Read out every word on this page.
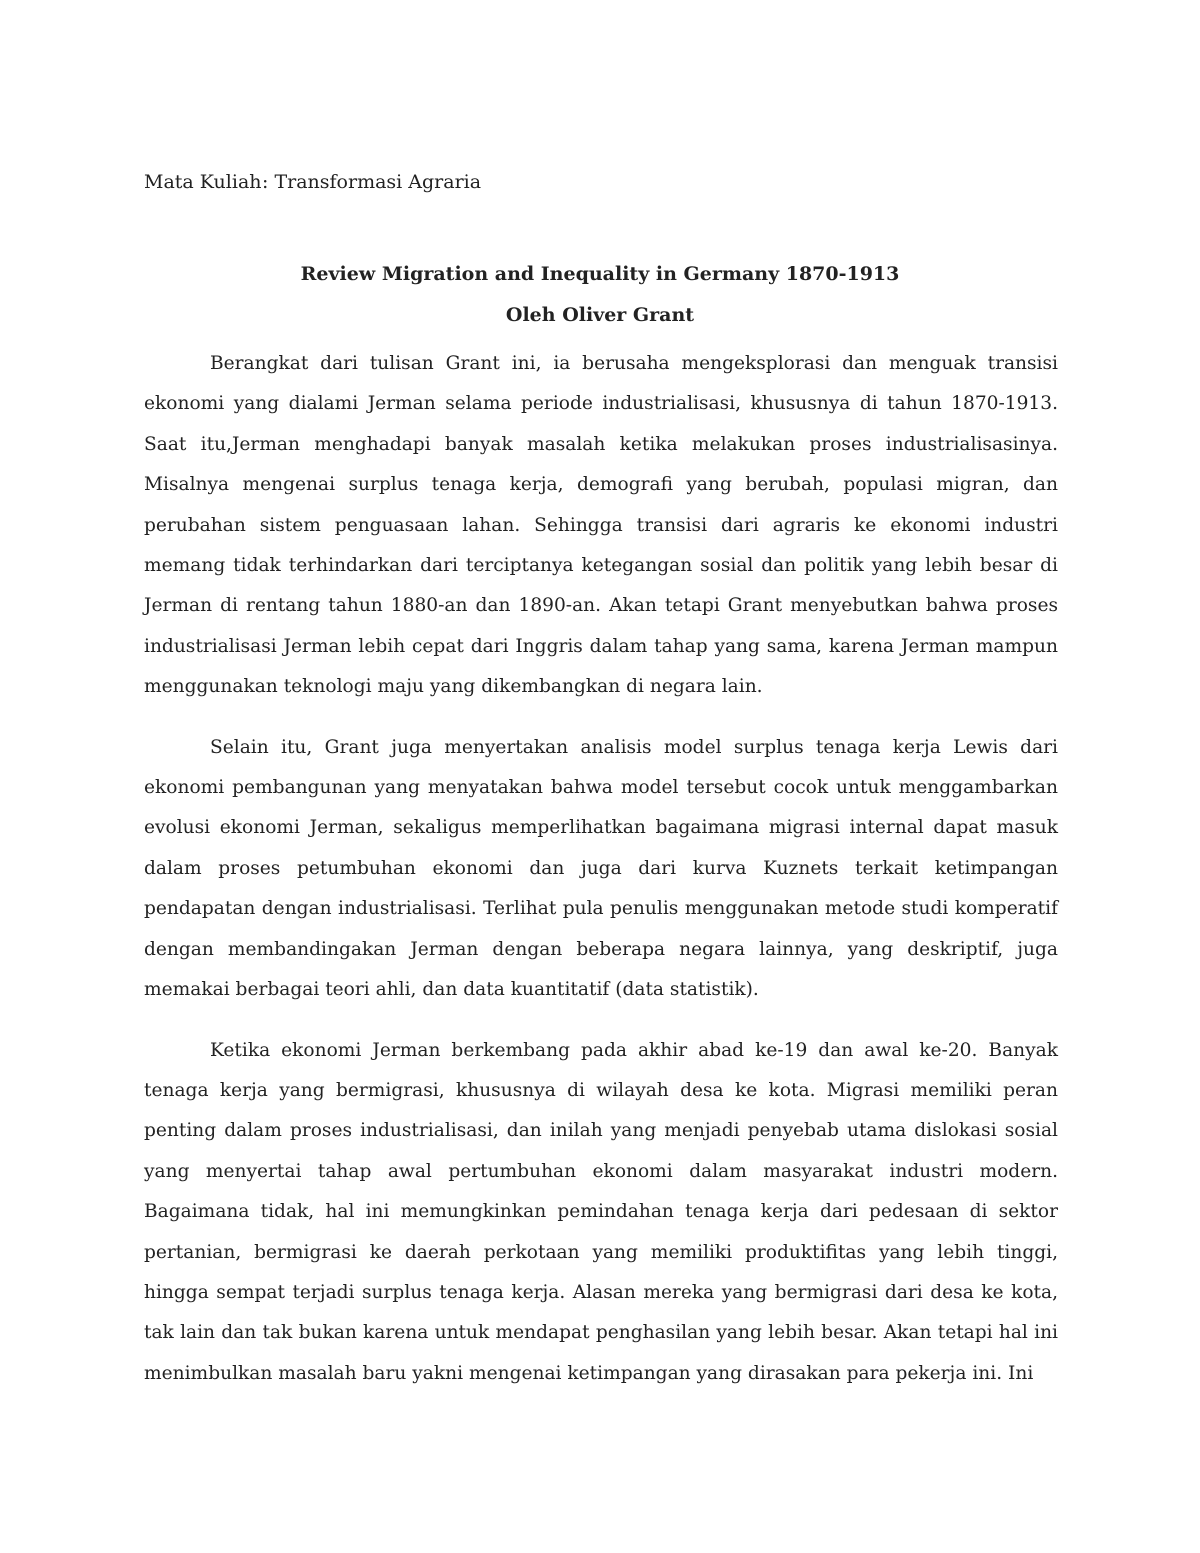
Mata Kuliah: Transformasi Agraria
Review Migration and Inequality in Germany 1870-1913
Oleh Oliver Grant

Berangkat dari tulisan Grant ini, ia berusaha mengeksplorasi dan menguak transisi ekonomi yang dialami Jerman selama periode industrialisasi, khususnya di tahun 1870-1913. Saat itu,Jerman menghadapi banyak masalah ketika melakukan proses industrialisasinya. Misalnya mengenai surplus tenaga kerja, demografi yang berubah, populasi migran, dan perubahan sistem penguasaan lahan. Sehingga transisi dari agraris ke ekonomi industri memang tidak terhindarkan dari terciptanya ketegangan sosial dan politik yang lebih besar di Jerman di rentang tahun 1880-an dan 1890-an. Akan tetapi Grant menyebutkan bahwa proses industrialisasi Jerman lebih cepat dari Inggris dalam tahap yang sama, karena Jerman mampun menggunakan teknologi maju yang dikembangkan di negara lain.

Selain itu, Grant juga menyertakan analisis model surplus tenaga kerja Lewis dari ekonomi pembangunan yang menyatakan bahwa model tersebut cocok untuk menggambarkan evolusi ekonomi Jerman, sekaligus memperlihatkan bagaimana migrasi internal dapat masuk dalam proses petumbuhan ekonomi dan juga dari kurva Kuznets terkait ketimpangan pendapatan dengan industrialisasi. Terlihat pula penulis menggunakan metode studi komperatif dengan membandingakan Jerman dengan beberapa negara lainnya, yang deskriptif, juga memakai berbagai teori ahli, dan data kuantitatif (data statistik).

Ketika ekonomi Jerman berkembang pada akhir abad ke-19 dan awal ke-20. Banyak tenaga kerja yang bermigrasi, khususnya di wilayah desa ke kota. Migrasi memiliki peran penting dalam proses industrialisasi, dan inilah yang menjadi penyebab utama dislokasi sosial yang menyertai tahap awal pertumbuhan ekonomi dalam masyarakat industri modern. Bagaimana tidak, hal ini memungkinkan pemindahan tenaga kerja dari pedesaan di sektor pertanian, bermigrasi ke daerah perkotaan yang memiliki produktifitas yang lebih tinggi, hingga sempat terjadi surplus tenaga kerja. Alasan mereka yang bermigrasi dari desa ke kota, tak lain dan tak bukan karena untuk mendapat penghasilan yang lebih besar. Akan tetapi hal ini menimbulkan masalah baru yakni mengenai ketimpangan yang dirasakan para pekerja ini. Ini
